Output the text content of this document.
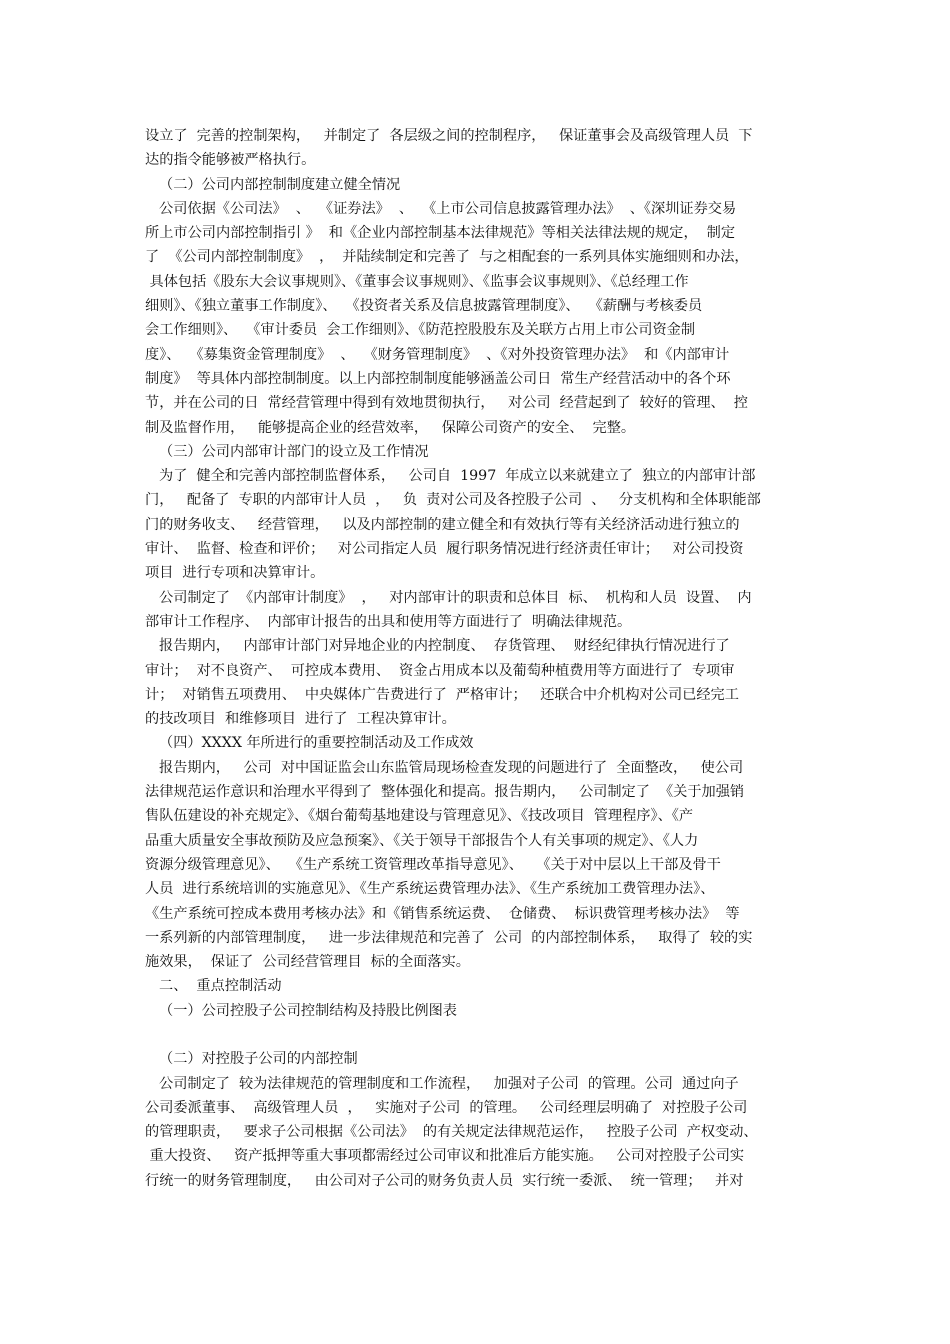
设立了  完善的控制架构，   并制定了  各层级之间的控制程序，   保证董事会及高级管理人员  下
达的指令能够被严格执行。
（二）公司内部控制制度建立健全情况
公司依据《公司法》  、  《证券法》  、  《上市公司信息披露管理办法》  、《深圳证券交易
所上市公司内部控制指引 》  和《企业内部控制基本法律规范》等相关法律法规的规定，  制定
了  《公司内部控制制度》  ，  并陆续制定和完善了  与之相配套的一系列具体实施细则和办法，
具体包括《股东大会议事规则》、《董事会议事规则》、《监事会议事规则》、《总经理工作
细则》、《独立董事工作制度》、  《投资者关系及信息披露管理制度》、  《薪酬与考核委员
会工作细则》、  《审计委员  会工作细则》、《防范控股股东及关联方占用上市公司资金制
度》、  《募集资金管理制度》  、  《财务管理制度》  、《对外投资管理办法》  和《内部审计
制度》  等具体内部控制制度。以上内部控制制度能够涵盖公司日  常生产经营活动中的各个环
节，并在公司的日  常经营管理中得到有效地贯彻执行，   对公司  经营起到了  较好的管理、  控
制及监督作用，   能够提高企业的经营效率，   保障公司资产的安全、  完整。
（三）公司内部审计部门的设立及工作情况
为了  健全和完善内部控制监督体系，   公司自  1997  年成立以来就建立了  独立的内部审计部
门，   配备了  专职的内部审计人员  ，   负  责对公司及各控股子公司  、   分支机构和全体职能部
门的财务收支、   经营管理，   以及内部控制的建立健全和有效执行等有关经济活动进行独立的
审计、  监督、检查和评价；   对公司指定人员  履行职务情况进行经济责任审计；   对公司投资
项目  进行专项和决算审计。
公司制定了  《内部审计制度》  ，   对内部审计的职责和总体目  标、  机构和人员  设置、  内
部审计工作程序、  内部审计报告的出具和使用等方面进行了  明确法律规范。
报告期内，   内部审计部门对异地企业的内控制度、  存货管理、  财经纪律执行情况进行了
审计；  对不良资产、  可控成本费用、  资金占用成本以及葡萄种植费用等方面进行了  专项审
计；  对销售五项费用、  中央媒体广告费进行了  严格审计；   还联合中介机构对公司已经完工
的技改项目  和维修项目  进行了  工程决算审计。
（四）XXXX 年所进行的重要控制活动及工作成效
报告期内，   公司  对中国证监会山东监管局现场检查发现的问题进行了  全面整改，   使公司
法律规范运作意识和治理水平得到了  整体强化和提高。报告期内，   公司制定了  《关于加强销
售队伍建设的补充规定》、《烟台葡萄基地建设与管理意见》、《技改项目  管理程序》、《产
品重大质量安全事故预防及应急预案》、《关于领导干部报告个人有关事项的规定》、《人力
资源分级管理意见》、  《生产系统工资管理改革指导意见》、   《关于对中层以上干部及骨干
人员  进行系统培训的实施意见》、《生产系统运费管理办法》、《生产系统加工费管理办法》、
《生产系统可控成本费用考核办法》和《销售系统运费、  仓储费、  标识费管理考核办法》  等
一系列新的内部管理制度，   进一步法律规范和完善了  公司  的内部控制体系，   取得了  较的实
施效果，  保证了  公司经营管理目  标的全面落实。
二、  重点控制活动
（一）公司控股子公司控制结构及持股比例图表
（二）对控股子公司的内部控制
公司制定了  较为法律规范的管理制度和工作流程，   加强对子公司  的管理。公司  通过向子
公司委派董事、  高级管理人员  ，   实施对子公司  的管理。   公司经理层明确了  对控股子公司
的管理职责，   要求子公司根据《公司法》  的有关规定法律规范运作，   控股子公司  产权变动、
重大投资、   资产抵押等重大事项都需经过公司审议和批准后方能实施。   公司对控股子公司实
行统一的财务管理制度，   由公司对子公司的财务负责人员  实行统一委派、  统一管理；   并对
